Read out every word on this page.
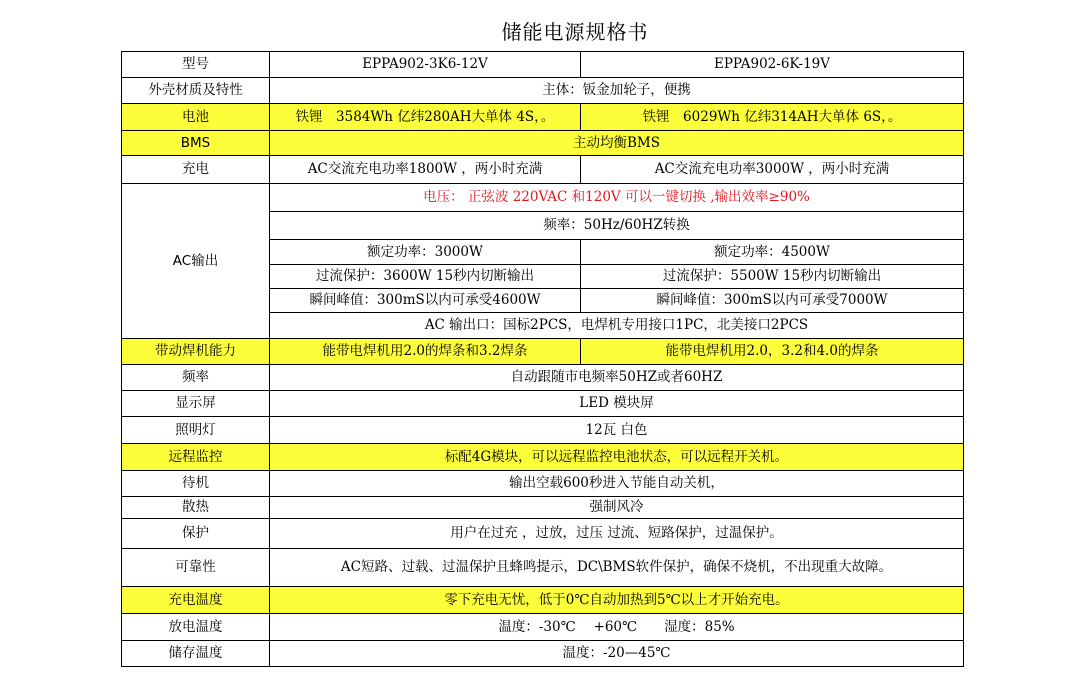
储能电源规格书
型号	EPPA902-3K6-12V	EPPA902-6K-19V
外壳材质及特性	主体：钣金加轮子，便携	
电池	铁锂　3584Wh 亿纬280AH大单体 4S，。	铁锂　6029Wh 亿纬314AH大单体 6S，。
BMS	主动均衡BMS	
充电	AC交流充电功率1800W ，两小时充满	AC交流充电功率3000W ，两小时充满
AC输出	电压： 正弦波 220VAC 和120V 可以一键切换 ,输出效率≥90%	
	频率：50Hz/60HZ转换	
	额定功率：3000W	额定功率：4500W
	过流保护：3600W 15秒内切断输出	过流保护：5500W 15秒内切断输出
	瞬间峰值：300mS以内可承受4600W	瞬间峰值：300mS以内可承受7000W
	AC 输出口：国标2PCS，电焊机专用接口1PC，北美接口2PCS	
带动焊机能力	能带电焊机用2.0的焊条和3.2焊条	能带电焊机用2.0，3.2和4.0的焊条
频率	自动跟随市电频率50HZ或者60HZ	
显示屏	LED 模块屏	
照明灯	12瓦 白色	
远程监控	标配4G模块，可以远程监控电池状态，可以远程开关机。	
待机	输出空载600秒进入节能自动关机，	
散热	强制风冷	
保护	用户在过充 ，过放，过压 过流、短路保护，过温保护。	
可靠性	AC短路、过载、过温保护且蜂鸣提示，DC\BMS软件保护，确保不烧机，不出现重大故障。	
充电温度	零下充电无忧，低于0℃自动加热到5℃以上才开始充电。	
放电温度	温度：-30℃　 +60℃　　湿度：85%	
储存温度	温度：-20—45℃	
